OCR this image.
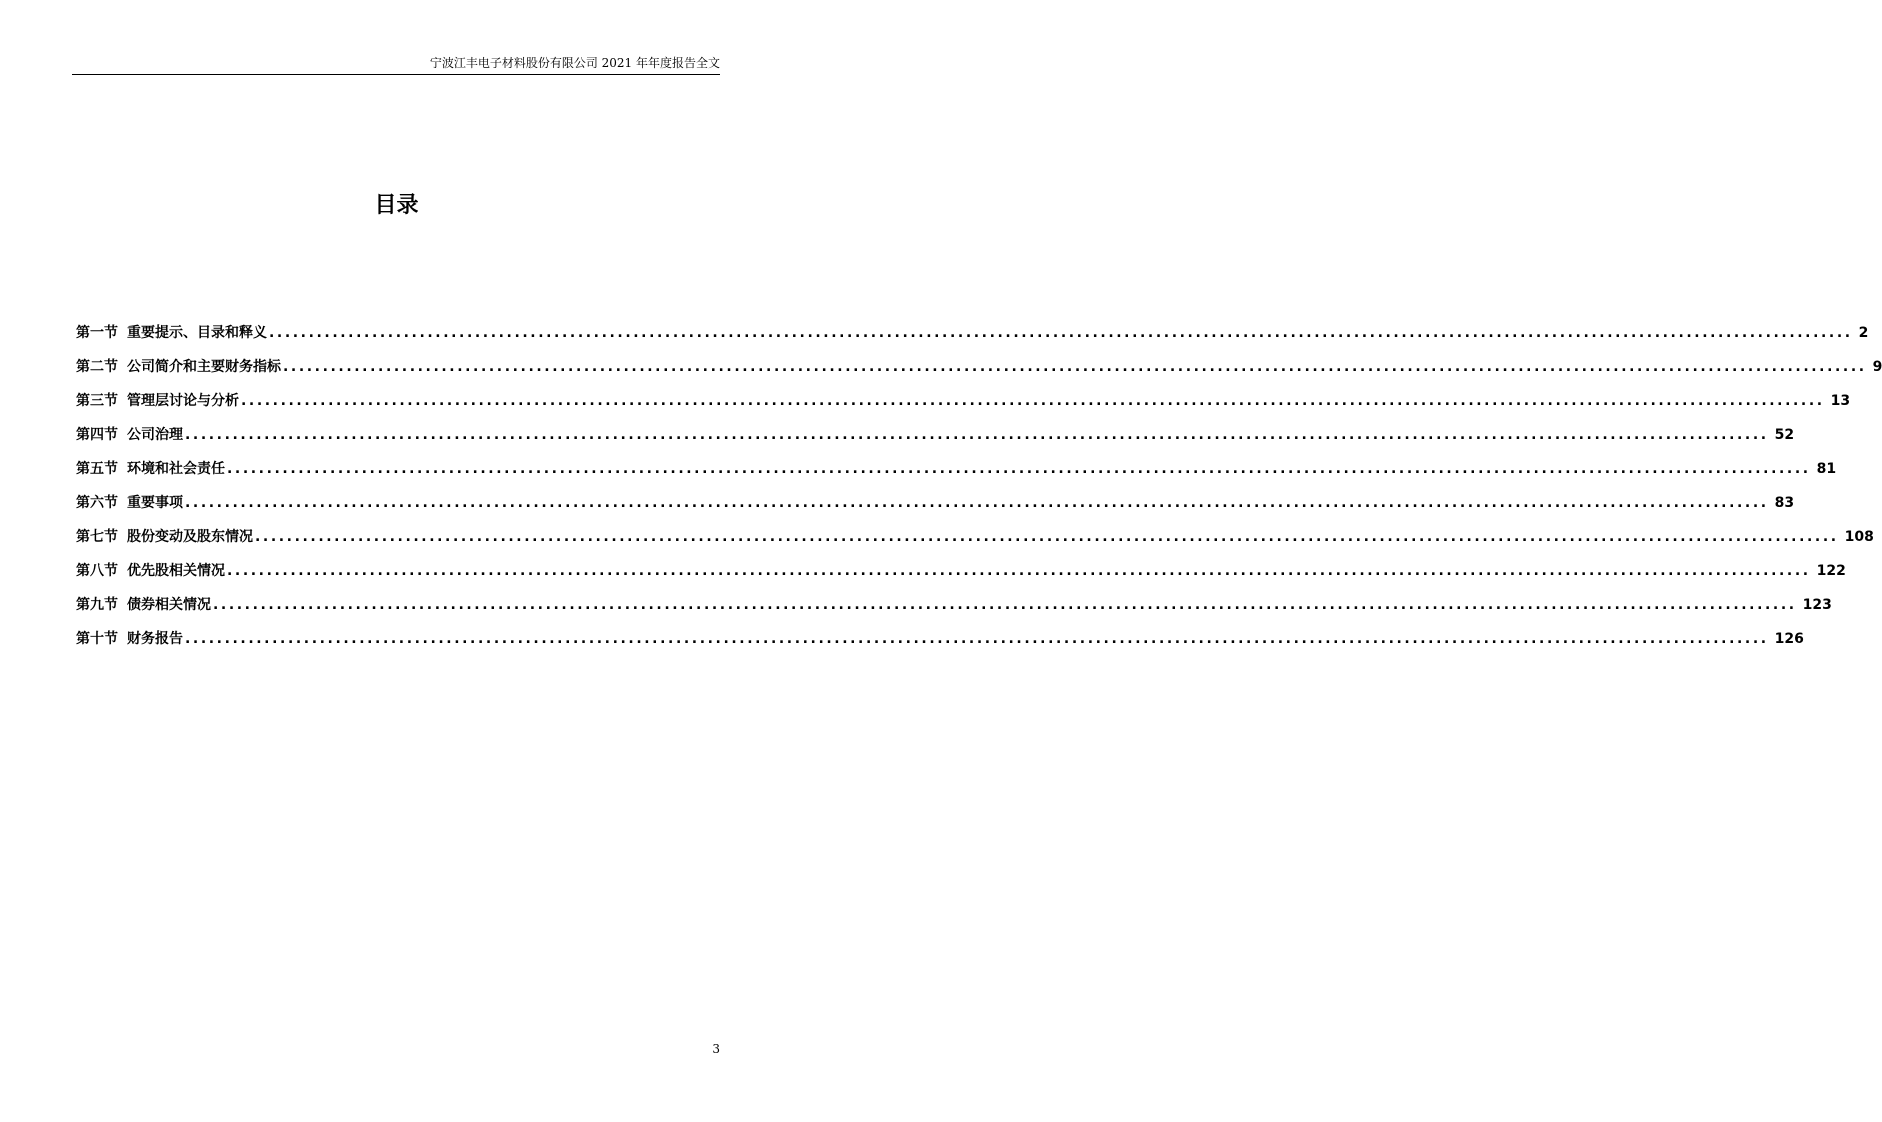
宁波江丰电子材料股份有限公司 2021 年年度报告全文
目录
第一节 重要提示、目录和释义 ........................................................................................................................................................................................................ 2
第二节 公司简介和主要财务指标 ........................................................................................................................................................................................................ 9
第三节 管理层讨论与分析 ........................................................................................................................................................................................................ 13
第四节 公司治理 ........................................................................................................................................................................................................ 52
第五节 环境和社会责任 ........................................................................................................................................................................................................ 81
第六节 重要事项 ........................................................................................................................................................................................................ 83
第七节 股份变动及股东情况 ........................................................................................................................................................................................................ 108
第八节 优先股相关情况 ........................................................................................................................................................................................................ 122
第九节 债券相关情况 ........................................................................................................................................................................................................ 123
第十节 财务报告 ........................................................................................................................................................................................................ 126
3
